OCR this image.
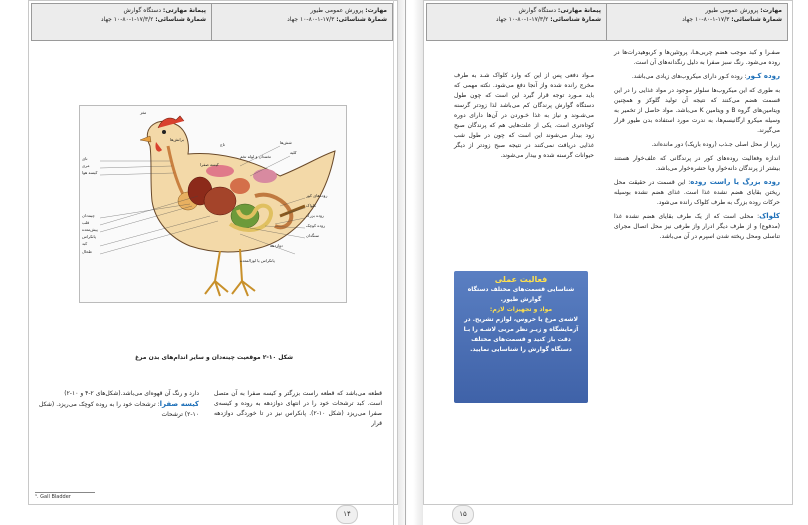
مهارت: پرورش عمومی طیور
شمارهٔ شناسائی: ۱۷/۳-۱-۸۰-۱۰ جهاد
پیمانهٔ مهارتی: دستگاه گوارش
شمارهٔ شناسائی: ۱۷/۳/۲-۱-۸۰-۱۰ جهاد
مغز
برانش‌ها
تاج
نای
مری
کیسه هوا
چینه‌دان
قلب
پیش‌معده
کبد
طحال
شش‌ها
کلیه
تخمدان و لوله تخم
روده‌های کور
کلواک
روده بزرگ
روده کوچک
سنگدان
کیسه صفرا
پانکراس یا لوزالمعده
دوازدهه
پانکراس
شکل ۱۰-۲ موقعیت چینه‌دان و سایر اندام‌های بدن مرغ

قطعه می‌باشد که قطعه راست بزرگتر و کیسه صفرا به آن متصل است. کبد ترشحات خود را در انتهای دوازدهه به روده و کیسه‌ی صفرا می‌ریزد (شکل ۱۰-۲). پانکراس نیز در تا خوردگی دوازدهه قرار

دارد و رنگ آن قهوه‌ای می‌باشد.(شکل‌های ۲-۴ و ۱۰-۲)
کیسه صفرا: ترشحات خود را به روده کوچک می‌ریزد. (شکل ۱۰-۲) ترشحات

¹. Gall Bladder
مهارت: پرورش عمومی طیور
شمارهٔ شناسائی: ۱۷/۳-۱-۸۰-۱۰ جهاد
پیمانهٔ مهارتی: دستگاه گوارش
شمارهٔ شناسائی: ۱۷/۳/۲-۱-۸۰-۱۰ جهاد

صفـرا و کبد موجب هضم چربی‌هـا، پروتئین‌ها و کربوهیدرات‌ها در روده می‌شود. رنگ سبز صفرا به دلیل رنگدانه‌های آن است.

روده کـور: روده کـور دارای میکروب‌های زیادی می‌باشد.

به طوری که این میکروب‌ها سلولز موجود در مواد غذایی را در این قسمت هضم می‌کنند که نتیجه آن تولید گلوکز و همچنین ویتامین‌های گروه B و ویتامین K می‌باشد. مواد حاصل از تخمیر به وسیله میکرو ارگانیسم‌ها، به ندرت مورد استفاده بدن طیور قرار می‌گیرند.

زیرا از محل اصلی جـذب (روده باریک) دور مانده‌اند.

اندازه وفعالیت روده‌های کور در پرندگانی که علف‌خوار هستند بیشتر از پرندگان دانه‌خوار ویا حشره‌خوار می‌باشد.

روده بزرگ یا راست روده: این قسمت در حقیقت محل ریختن بقایای هضم نشده غذا است. غذای هضم نشده بوسیله حرکات روده بزرگ به طرف کلواک رانده می‌شود.

کلواک: محلی است که از یک طرف بقایای هضم نشده غذا (مدفوع) و از طرف دیگر ادرار واز طرفی نیز محل اتصال مجرای تناسلی ومحل ریخته شدن اسپرم در آن می‌باشد.

مـواد دفعی پس از این که وارد کلواک شـد به طرف مخرج رانده شده واز آنجا دفع می‌شود. نکته مهمی که باید مـورد توجه قرار گیرد این است که چون طول دستگاه گوارش پرندگان کم می‌باشد لذا زودتر گرسنه می‌شـوند و نیاز به غذا خـوردن در آن‌ها دارای دوره کوتاه‌تری است. یکی از علت‌هایی هم که پرندگان صبح زود بیدار می‌شوند این است که چون در طول شب غذایی دریافت نمی‌کنند در نتیجه صبح زودتر از دیگر حیوانات گرسنه شده و بیدار می‌شوند.

فعالیت عملی
شناسایی قسمت‌های مختلف دستگاه گوارش طیور.
مواد و تجهیزات لازم:
لاشه‌ی مرغ یا خروس، لوازم تشریح. در آزمایشگاه و زیـر نظر مربی لاشـه را بـا دقت باز کنید و قسمت‌های مختلف دستگاه گوارش را شناسایی نمایید.
۱۴	۱۵
